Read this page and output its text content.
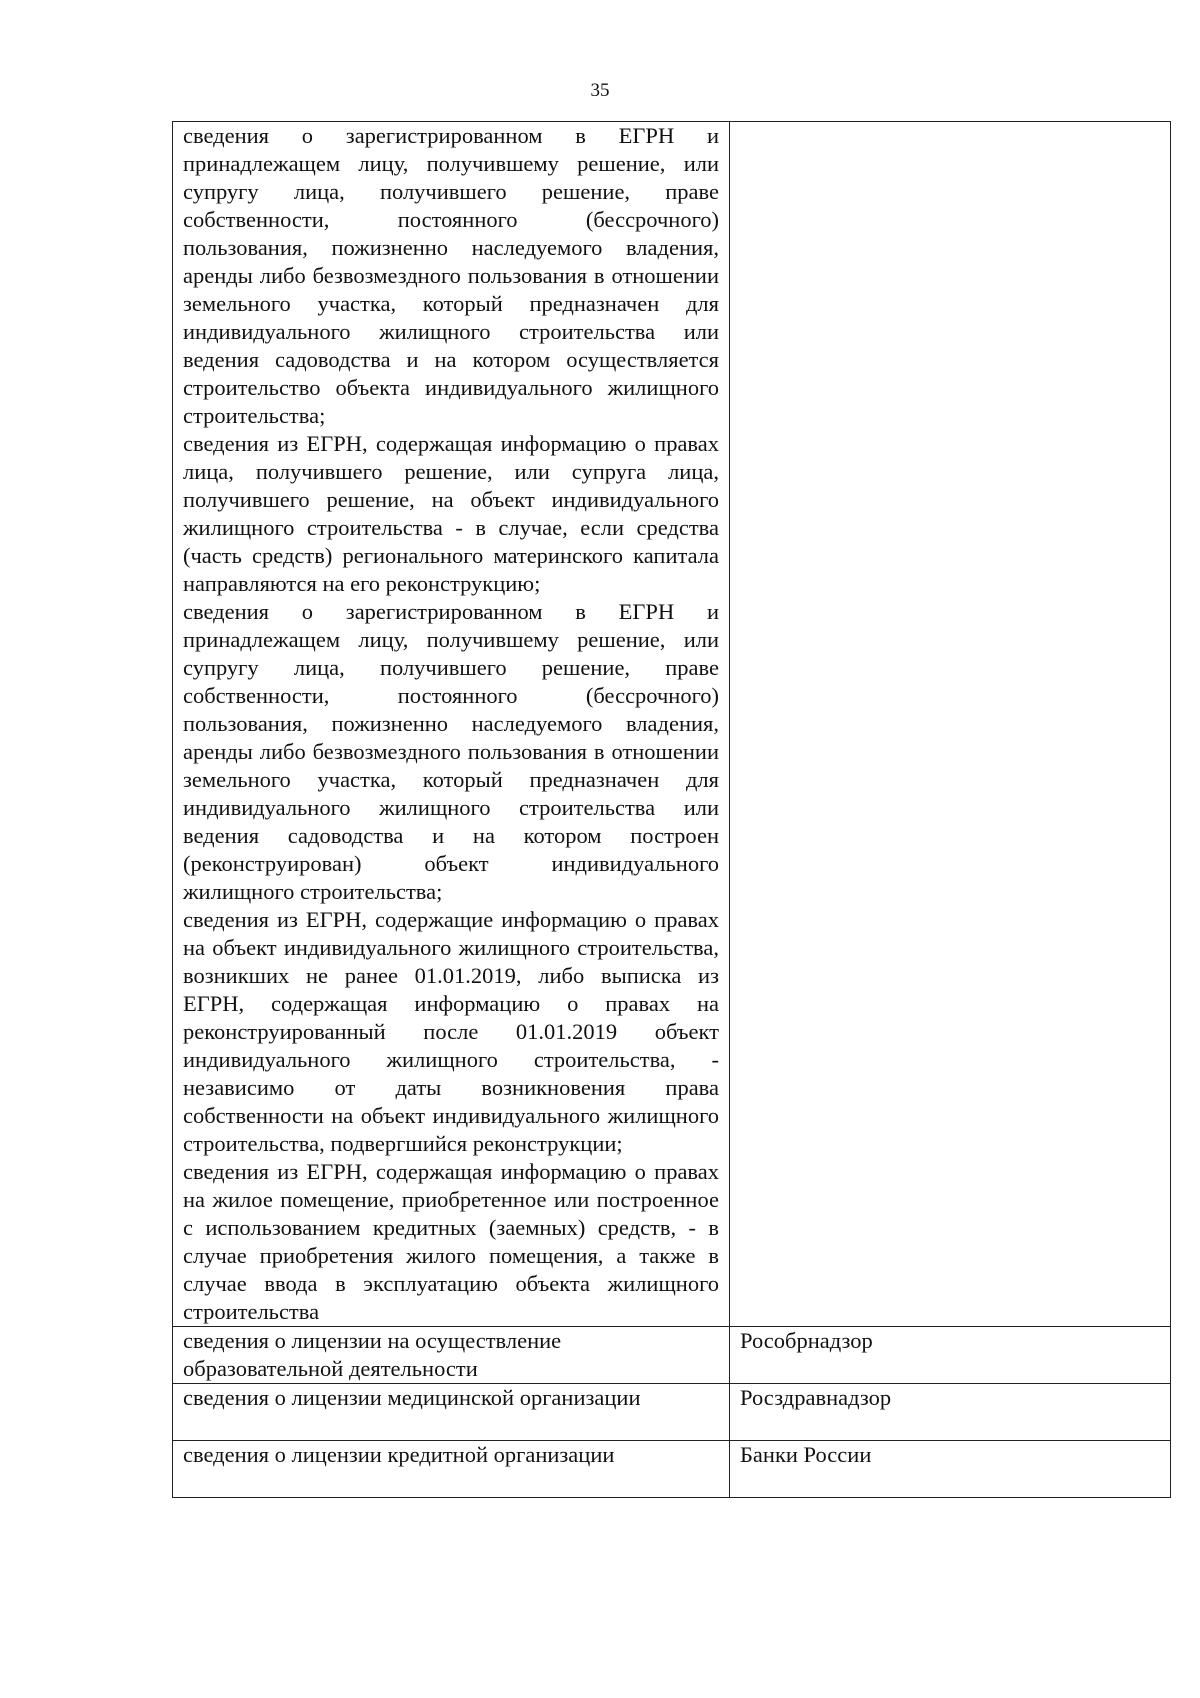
35
сведения о зарегистрированном в ЕГРН и принадлежащем лицу, получившему решение, или супругу лица, получившего решение, праве собственности, постоянного (бессрочного) пользования, пожизненно наследуемого владения, аренды либо безвозмездного пользования в отношении земельного участка, который предназначен для индивидуального жилищного строительства или ведения садоводства и на котором осуществляется строительство объекта индивидуального жилищного строительства;
сведения из ЕГРН, содержащая информацию о правах лица, получившего решение, или супруга лица, получившего решение, на объект индивидуального жилищного строительства - в случае, если средства (часть средств) регионального материнского капитала направляются на его реконструкцию;
сведения о зарегистрированном в ЕГРН и принадлежащем лицу, получившему решение, или супругу лица, получившего решение, праве собственности, постоянного (бессрочного) пользования, пожизненно наследуемого владения, аренды либо безвозмездного пользования в отношении земельного участка, который предназначен для индивидуального жилищного строительства или ведения садоводства и на котором построен (реконструирован) объект индивидуального жилищного строительства;
сведения из ЕГРН, содержащие информацию о правах на объект индивидуального жилищного строительства, возникших не ранее 01.01.2019, либо выписка из ЕГРН, содержащая информацию о правах на реконструированный после 01.01.2019 объект индивидуального жилищного строительства, - независимо от даты возникновения права собственности на объект индивидуального жилищного строительства, подвергшийся реконструкции;
сведения из ЕГРН, содержащая информацию о правах на жилое помещение, приобретенное или построенное с использованием кредитных (заемных) средств, - в случае приобретения жилого помещения, а также в случае ввода в эксплуатацию объекта жилищного строительства	

сведения о лицензии на осуществление образовательной деятельности	Рособрнадзор
сведения о лицензии медицинской организации	Росздравнадзор
сведения о лицензии кредитной организации	Банки России
